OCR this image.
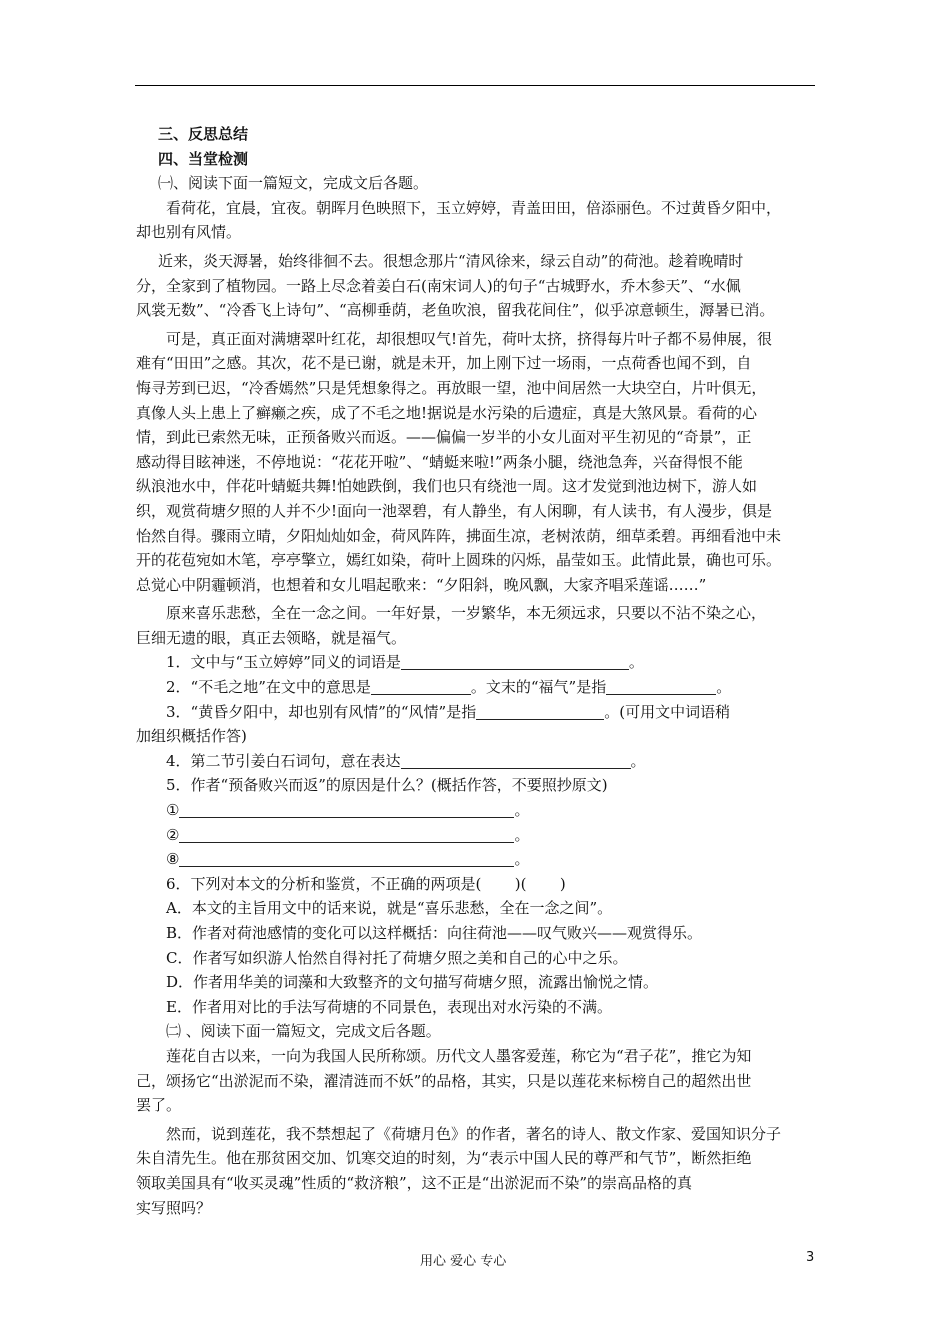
三、反思总结
四、当堂检测
㈠、阅读下面一篇短文，完成文后各题。
看荷花，宜晨，宜夜。朝晖月色映照下，玉立婷婷，青盖田田，倍添丽色。不过黄昏夕阳中，
却也别有风情。
近来，炎天溽暑，始终徘徊不去。很想念那片“清风徐来，绿云自动”的荷池。趁着晚晴时
分，全家到了植物园。一路上尽念着姜白石(南宋词人)的句子“古城野水，乔木参天”、“水佩
风裳无数”、“冷香飞上诗句”、“高柳垂荫，老鱼吹浪，留我花间住”，似乎凉意顿生，溽暑已消。
可是，真正面对满塘翠叶红花，却很想叹气!首先，荷叶太挤，挤得每片叶子都不易伸展，很
难有“田田”之感。其次，花不是已谢，就是未开，加上刚下过一场雨，一点荷香也闻不到，自
悔寻芳到已迟，“冷香嫣然”只是凭想象得之。再放眼一望，池中间居然一大块空白，片叶俱无，
真像人头上患上了癣癞之疾，成了不毛之地!据说是水污染的后遗症，真是大煞风景。看荷的心
情，到此已索然无味，正预备败兴而返。——偏偏一岁半的小女儿面对平生初见的“奇景”，正
感动得目眩神迷，不停地说：“花花开啦”、“蜻蜓来啦!”两条小腿，绕池急奔，兴奋得恨不能
纵浪池水中，伴花叶蜻蜓共舞!怕她跌倒，我们也只有绕池一周。这才发觉到池边树下，游人如
织，观赏荷塘夕照的人并不少!面向一池翠碧，有人静坐，有人闲聊，有人读书，有人漫步，俱是
怡然自得。骤雨立晴，夕阳灿灿如金，荷风阵阵，拂面生凉，老树浓荫，细草柔碧。再细看池中未
开的花苞宛如木笔，亭亭擎立，嫣红如染，荷叶上圆珠的闪烁，晶莹如玉。此情此景，确也可乐。
总觉心中阴霾顿消，也想着和女儿唱起歌来：“夕阳斜，晚风飘，大家齐唱采莲谣……”
原来喜乐悲愁，全在一念之间。一年好景，一岁繁华，本无须远求，只要以不沾不染之心，
巨细无遗的眼，真正去领略，就是福气。
1．文中与“玉立婷婷”同义的词语是	。
2．“不毛之地”在文中的意思是	。文末的“福气”是指	。
3．“黄昏夕阳中，却也别有风情”的“风情”是指	。(可用文中词语稍
加组织概括作答)
4．第二节引姜白石词句，意在表达	。
5．作者“预备败兴而返”的原因是什么？(概括作答，不要照抄原文)
①	。
②	。
⑧	。
6．下列对本文的分析和鉴赏，不正确的两项是(       )(       )
A．本文的主旨用文中的话来说，就是“喜乐悲愁，全在一念之间”。
B．作者对荷池感情的变化可以这样概括：向往荷池——叹气败兴——观赏得乐。
C．作者写如织游人怡然自得衬托了荷塘夕照之美和自己的心中之乐。
D．作者用华美的词藻和大致整齐的文句描写荷塘夕照，流露出愉悦之情。
E．作者用对比的手法写荷塘的不同景色，表现出对水污染的不满。
㈡ 、阅读下面一篇短文，完成文后各题。
莲花自古以来，一向为我国人民所称颂。历代文人墨客爱莲，称它为“君子花”，推它为知
己，颂扬它“出淤泥而不染，濯清涟而不妖”的品格，其实，只是以莲花来标榜自己的超然出世
罢了。
然而，说到莲花，我不禁想起了《荷塘月色》的作者，著名的诗人、散文作家、爱国知识分子
朱自清先生。他在那贫困交加、饥寒交迫的时刻，为“表示中国人民的尊严和气节”，断然拒绝
领取美国具有“收买灵魂”性质的“救济粮”，这不正是“出淤泥而不染”的崇高品格的真
实写照吗？
用心 爱心 专心	3
